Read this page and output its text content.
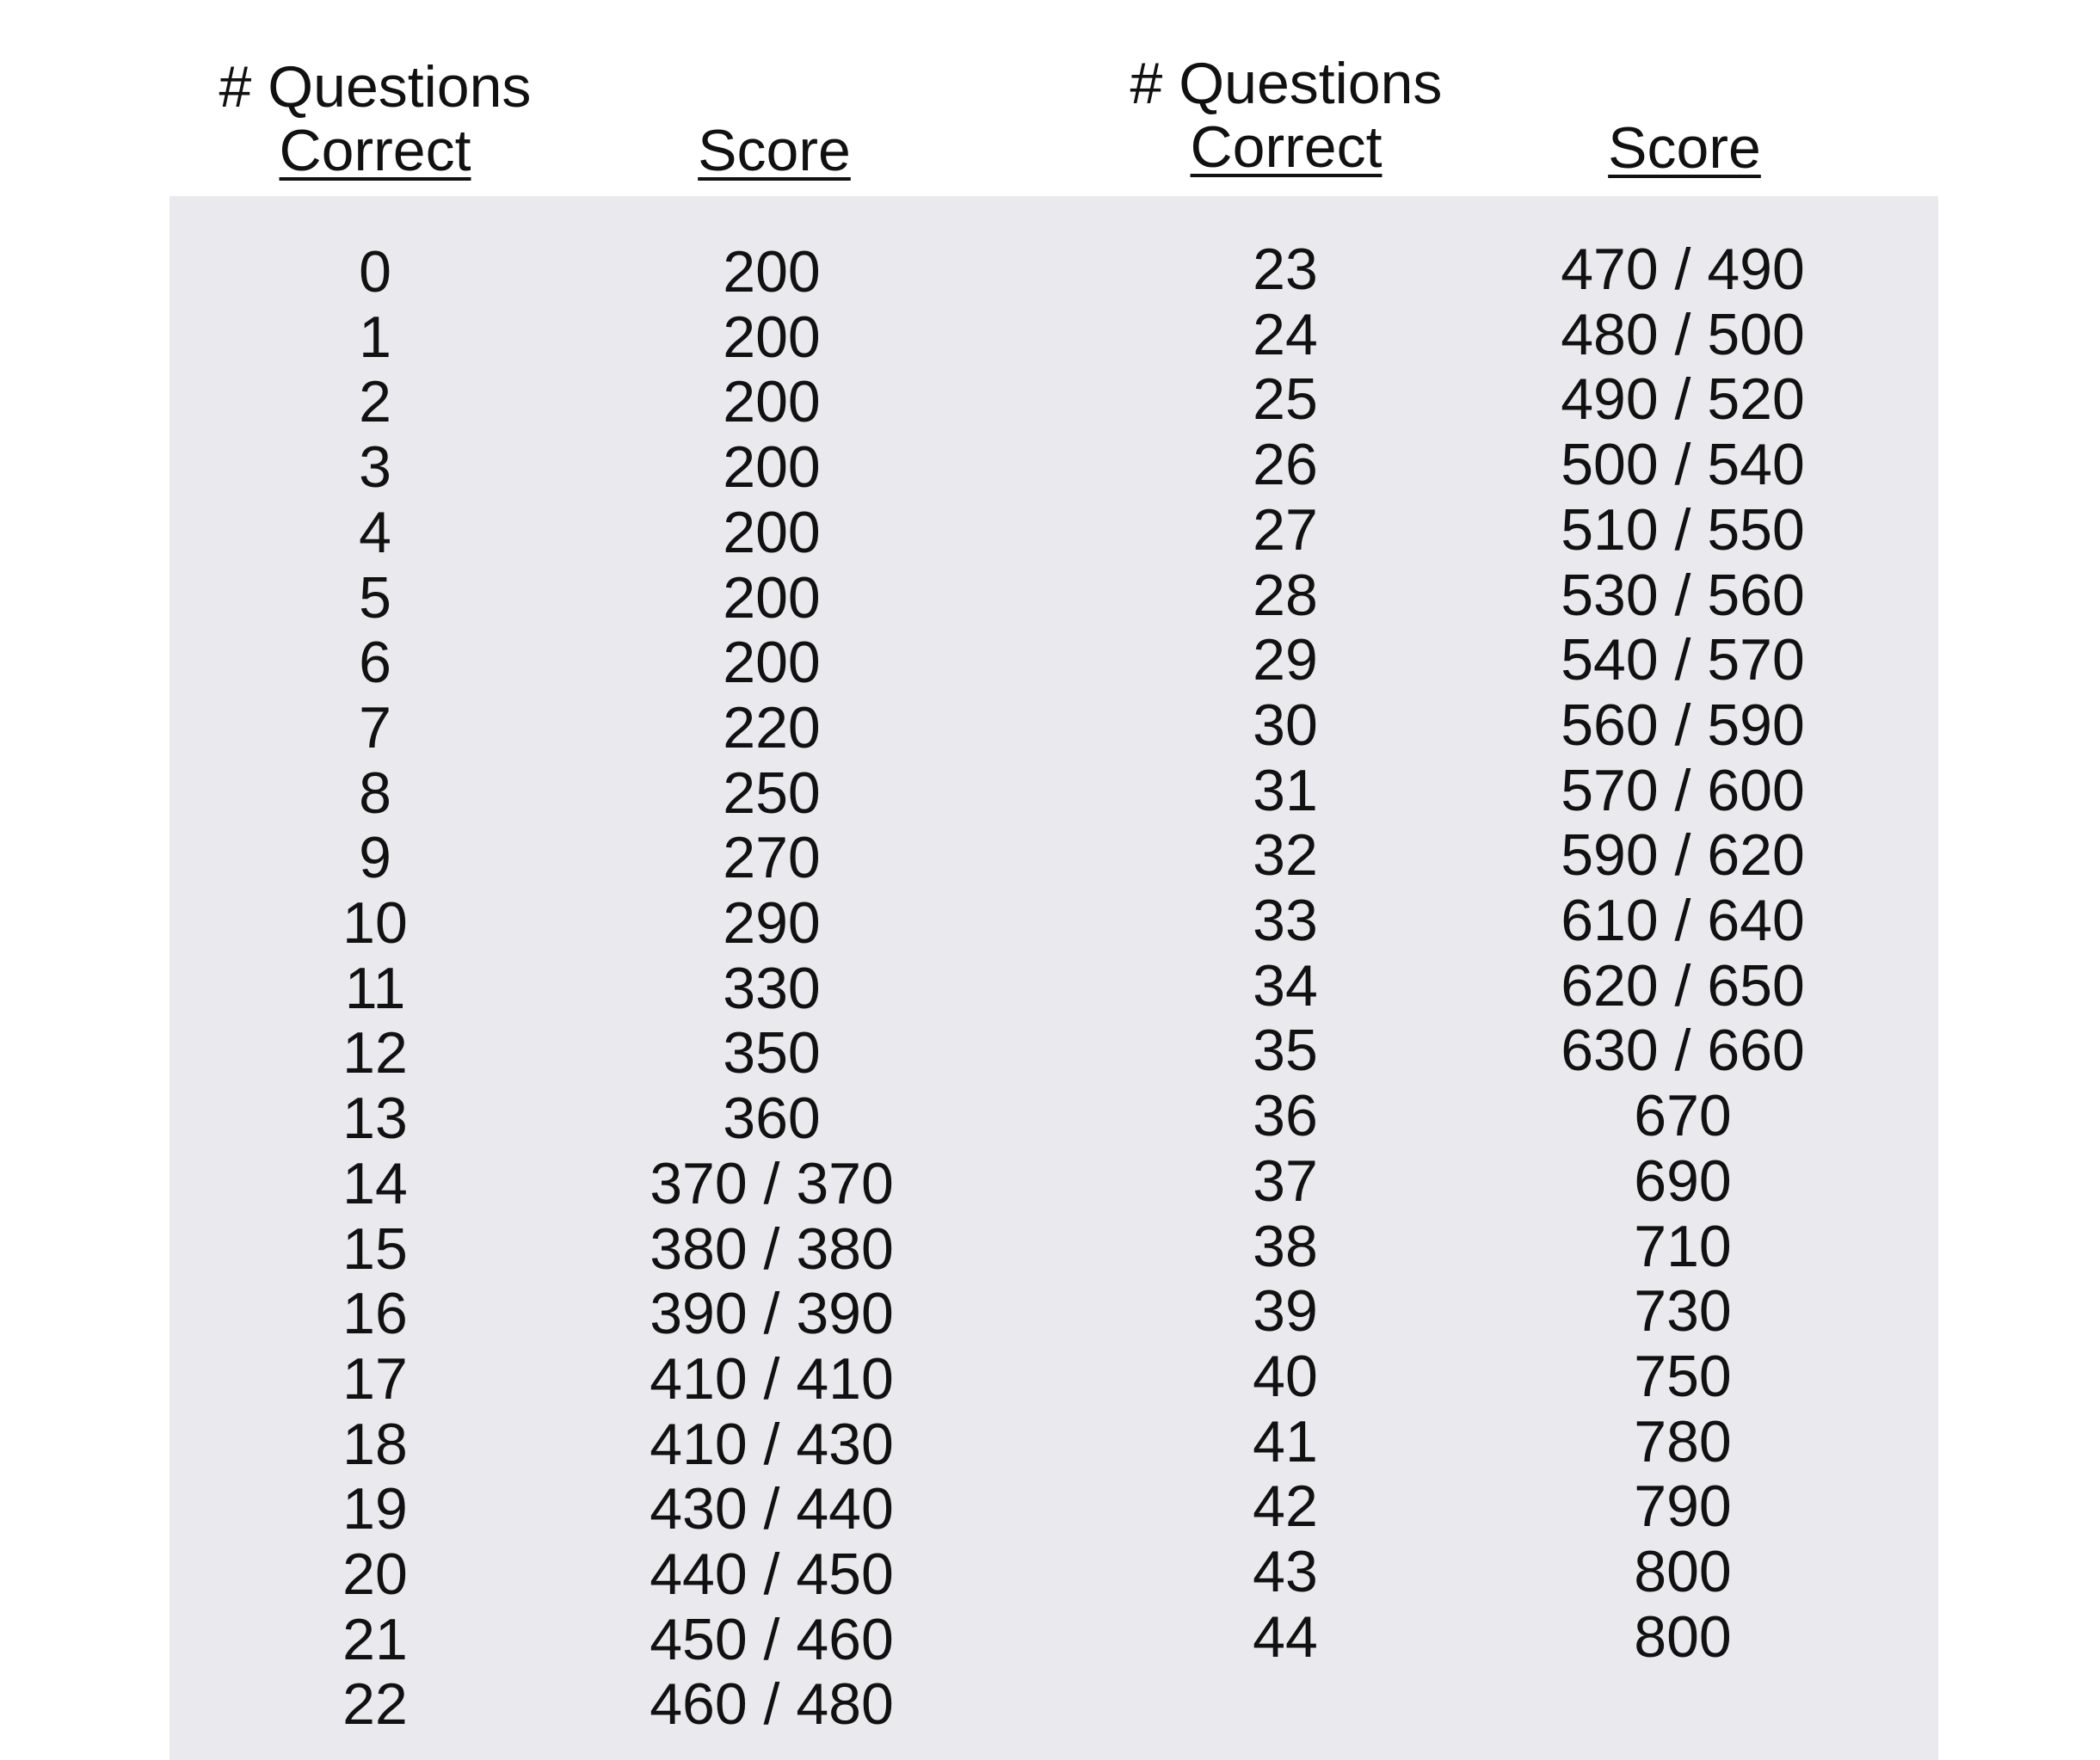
# Questions
Correct	Score
# Questions
Correct	Score
0	200
1	200
2	200
3	200
4	200
5	200
6	200
7	220
8	250
9	270
10	290
11	330
12	350
13	360
14	370 / 370
15	380 / 380
16	390 / 390
17	410 / 410
18	410 / 430
19	430 / 440
20	440 / 450
21	450 / 460
22	460 / 480
23	470 / 490
24	480 / 500
25	490 / 520
26	500 / 540
27	510 / 550
28	530 / 560
29	540 / 570
30	560 / 590
31	570 / 600
32	590 / 620
33	610 / 640
34	620 / 650
35	630 / 660
36	670
37	690
38	710
39	730
40	750
41	780
42	790
43	800
44	800
